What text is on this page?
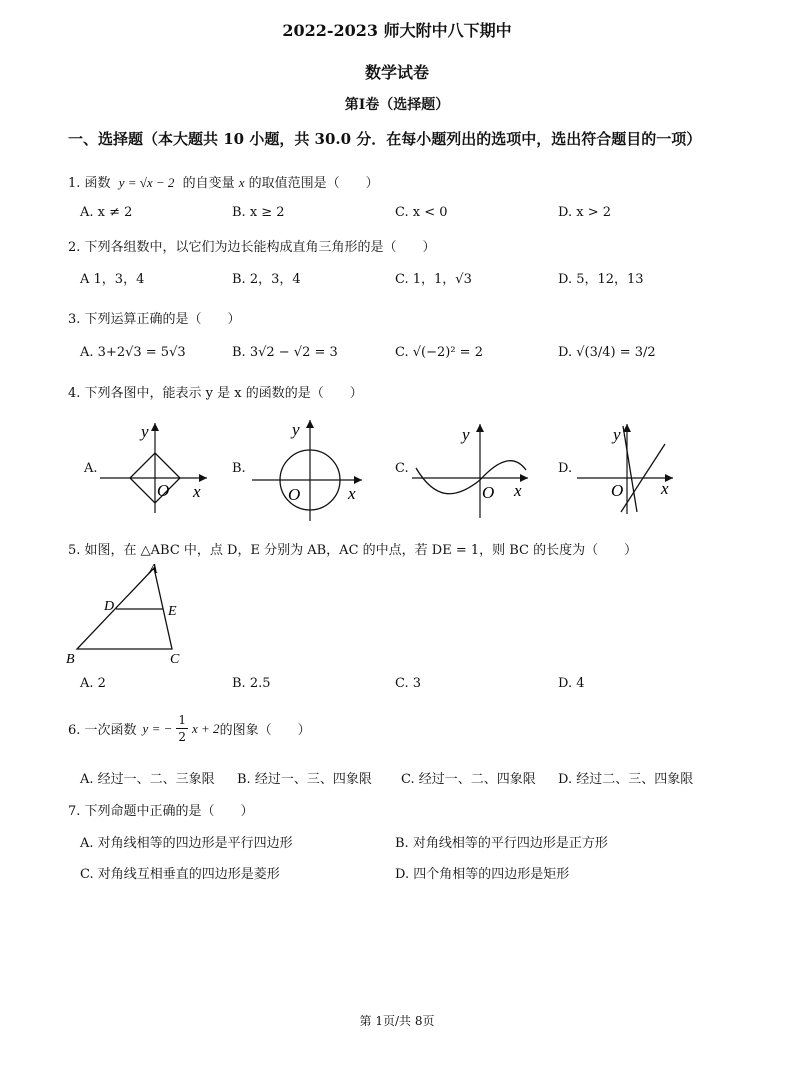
2022-2023 师大附中八下期中
数学试卷
第I卷（选择题）
一、选择题（本大题共 10 小题，共 30.0 分．在每小题列出的选项中，选出符合题目的一项）
1. 函数 y = √x − 2 的自变量 x 的取值范围是（　　）
A. x ≠ 2	B. x ≥ 2	C. x < 0	D. x > 2
2. 下列各组数中，以它们为边长能构成直角三角形的是（　　）
A 1，3，4	B. 2，3，4	C. 1，1，√3	D. 5，12，13
3. 下列运算正确的是（　　）
A. 3+2√3 = 5√3	B. 3√2 − √2 = 3	C. √(−2)² = 2	D. √(3/4) = 3/2
4. 下列各图中，能表示 y 是 x 的函数的是（　　）
A.	B.	C.	D.
y
x
O
y
x
O
y
x
O
y
x
O
5. 如图，在 △ABC 中，点 D，E 分别为 AB，AC 的中点，若 DE = 1，则 BC 的长度为（　　）
A
B	C
D	E
A. 2	B. 2.5	C. 3	D. 4
6. 一次函数 y = − $\frac{1}{2}$ x + 2 的图象（　　）
A. 经过一、二、三象限 B. 经过一、三、四象限 C. 经过一、二、四象限 D. 经过二、三、四象限
7. 下列命题中正确的是（　　）
A. 对角线相等的四边形是平行四边形	B. 对角线相等的平行四边形是正方形
C. 对角线互相垂直的四边形是菱形	D. 四个角相等的四边形是矩形
第 1页/共 8页
